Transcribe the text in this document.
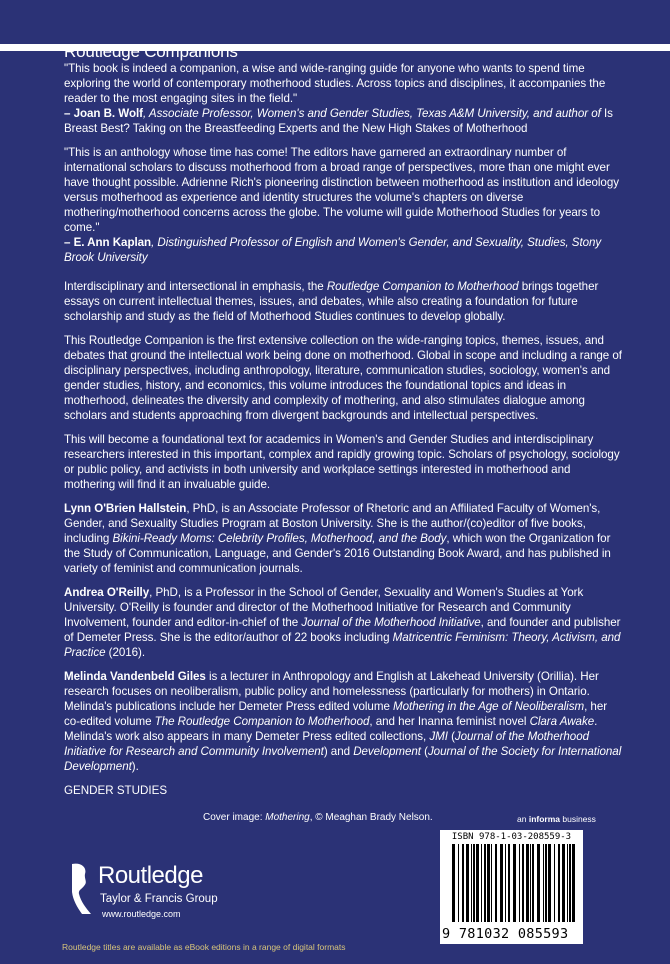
Routledge Companions

"This book is indeed a companion, a wise and wide-ranging guide for anyone who wants to spend time exploring the world of contemporary motherhood studies. Across topics and disciplines, it accompanies the reader to the most engaging sites in the field."

– Joan B. Wolf, Associate Professor, Women's and Gender Studies, Texas A&M University, and author of Is Breast Best? Taking on the Breastfeeding Experts and the New High Stakes of Motherhood

"This is an anthology whose time has come! The editors have garnered an extraordinary number of international scholars to discuss motherhood from a broad range of perspectives, more than one might ever have thought possible. Adrienne Rich's pioneering distinction between motherhood as institution and ideology versus motherhood as experience and identity structures the volume's chapters on diverse mothering/motherhood concerns across the globe. The volume will guide Motherhood Studies for years to come."

– E. Ann Kaplan, Distinguished Professor of English and Women's Gender, and Sexuality, Studies, Stony Brook University

Interdisciplinary and intersectional in emphasis, the Routledge Companion to Motherhood brings together essays on current intellectual themes, issues, and debates, while also creating a foundation for future scholarship and study as the field of Motherhood Studies continues to develop globally.

This Routledge Companion is the first extensive collection on the wide-ranging topics, themes, issues, and debates that ground the intellectual work being done on motherhood. Global in scope and including a range of disciplinary perspectives, including anthropology, literature, communication studies, sociology, women's and gender studies, history, and economics, this volume introduces the foundational topics and ideas in motherhood, delineates the diversity and complexity of mothering, and also stimulates dialogue among scholars and students approaching from divergent backgrounds and intellectual perspectives.

This will become a foundational text for academics in Women's and Gender Studies and interdisciplinary researchers interested in this important, complex and rapidly growing topic. Scholars of psychology, sociology or public policy, and activists in both university and workplace settings interested in motherhood and mothering will find it an invaluable guide.

Lynn O'Brien Hallstein, PhD, is an Associate Professor of Rhetoric and an Affiliated Faculty of Women's, Gender, and Sexuality Studies Program at Boston University. She is the author/(co)editor of five books, including Bikini-Ready Moms: Celebrity Profiles, Motherhood, and the Body, which won the Organization for the Study of Communication, Language, and Gender's 2016 Outstanding Book Award, and has published in variety of feminist and communication journals.

Andrea O'Reilly, PhD, is a Professor in the School of Gender, Sexuality and Women's Studies at York University. O'Reilly is founder and director of the Motherhood Initiative for Research and Community Involvement, founder and editor-in-chief of the Journal of the Motherhood Initiative, and founder and publisher of Demeter Press. She is the editor/author of 22 books including Matricentric Feminism: Theory, Activism, and Practice (2016).

Melinda Vandenbeld Giles is a lecturer in Anthropology and English at Lakehead University (Orillia). Her research focuses on neoliberalism, public policy and homelessness (particularly for mothers) in Ontario. Melinda's publications include her Demeter Press edited volume Mothering in the Age of Neoliberalism, her co-edited volume The Routledge Companion to Motherhood, and her Inanna feminist novel Clara Awake. Melinda's work also appears in many Demeter Press edited collections, JMI (Journal of the Motherhood Initiative for Research and Community Involvement) and Development (Journal of the Society for International Development).

GENDER STUDIES
Cover image: Mothering, © Meaghan Brady Nelson.	an informa business
Routledge
Taylor & Francis Group
www.routledge.com
Routledge titles are available as eBook editions in a range of digital formats
ISBN 978-1-03-208559-3
9 781032 085593
